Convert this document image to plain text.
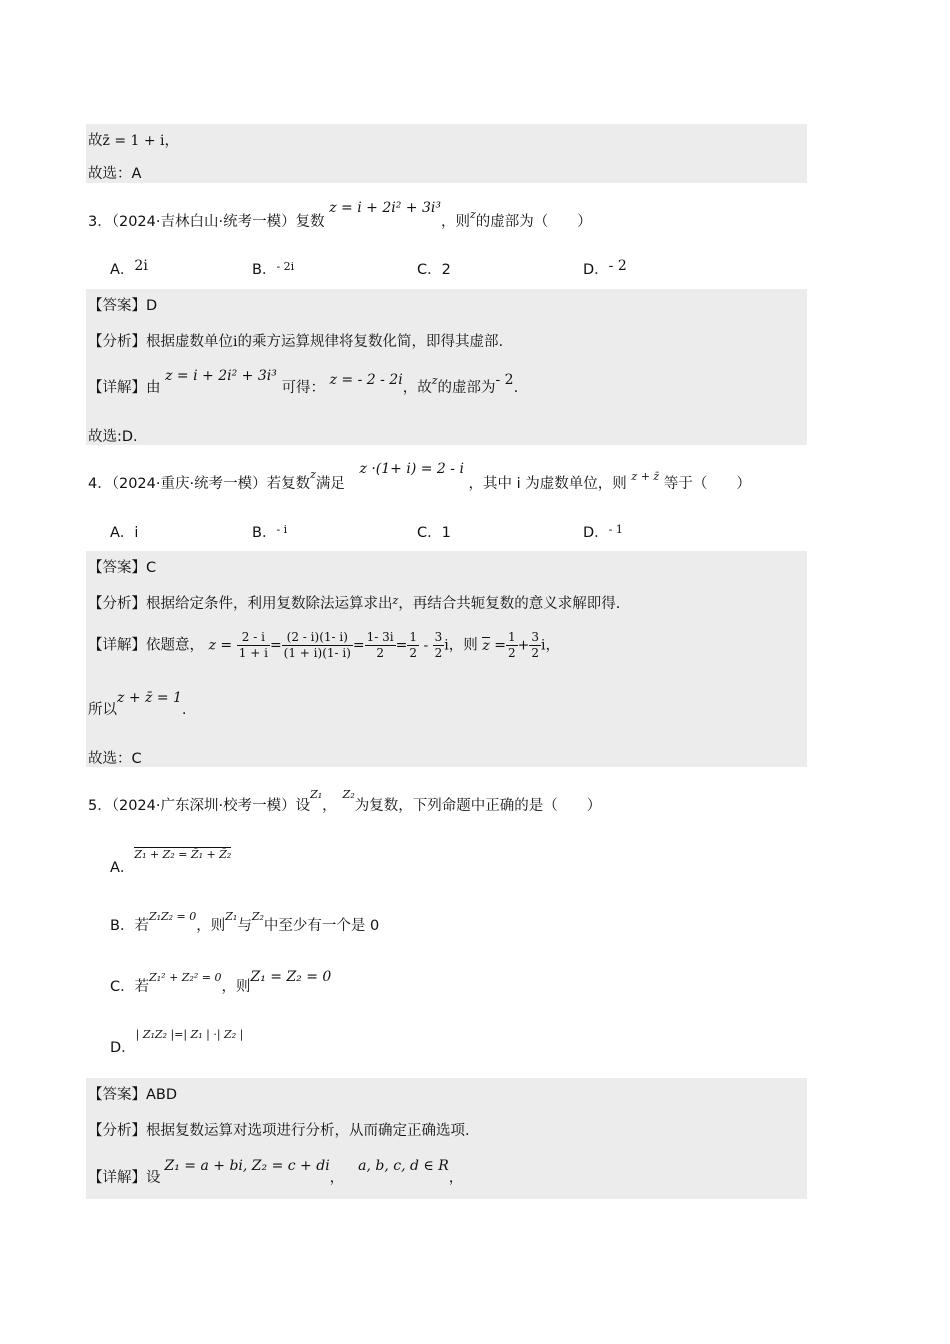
故z̄ = 1 + i，
故选：A
3．（2024·吉林白山·统考一模）复数 z = i + 2i² + 3i³，则$^z$的虚部为（　　）
A．2i	B．$^{- 2i}$	C．2	D．- 2
【答案】D
【分析】根据虚数单位i的乘方运算规律将复数化简，即得其虚部.
【详解】由 z = i + 2i² + 3i³ 可得： z = - 2 - 2i，故$^z$的虚部为- 2.
故选:D.
4．（2024·重庆·统考一模）若复数$^z$满足 z ·(1+ i) = 2 - i ，其中 i 为虚数单位，则 $^{z + z̄}$ 等于（　　）
A．i	B．$^{- i}$	C．1	D．$^{- 1}$
【答案】C
【分析】根据给定条件，利用复数除法运算求出$^z$，再结合共轭复数的意义求解即得.
【详解】依题意， $z = \frac{2 - i}{1 + i} = \frac{(2 - i)(1- i)}{(1 + i)(1- i)} = \frac{1- 3i}{2} = \frac{1}{2} - \frac{3}{2}$ i，则 $z = \frac{1}{2} + \frac{3}{2}$ i，
所以z + z̄ = 1.
故选：C
5．（2024·广东深圳·校考一模）设$^{Z_1}$，$^{Z_2}$为复数，下列命题中正确的是（　　）
A．$^{Z_1 + Z_2 = Z̄_1 + Z̄_2}$
B．若$^{Z_1Z_2 = 0}$，则$^{Z_1}$与$^{Z_2}$中至少有一个是 0
C．若$^{Z_1^2 + Z_2^2 = 0}$，则Z₁ = Z₂ = 0
D．$^{| Z_1Z_2 |=| Z_1 | \cdot| Z_2 |}$
【答案】ABD
【分析】根据复数运算对选项进行分析，从而确定正确选项.
【详解】设Z₁ = a + bi, Z₂ = c + di，a, b, c, d ∈ R，
